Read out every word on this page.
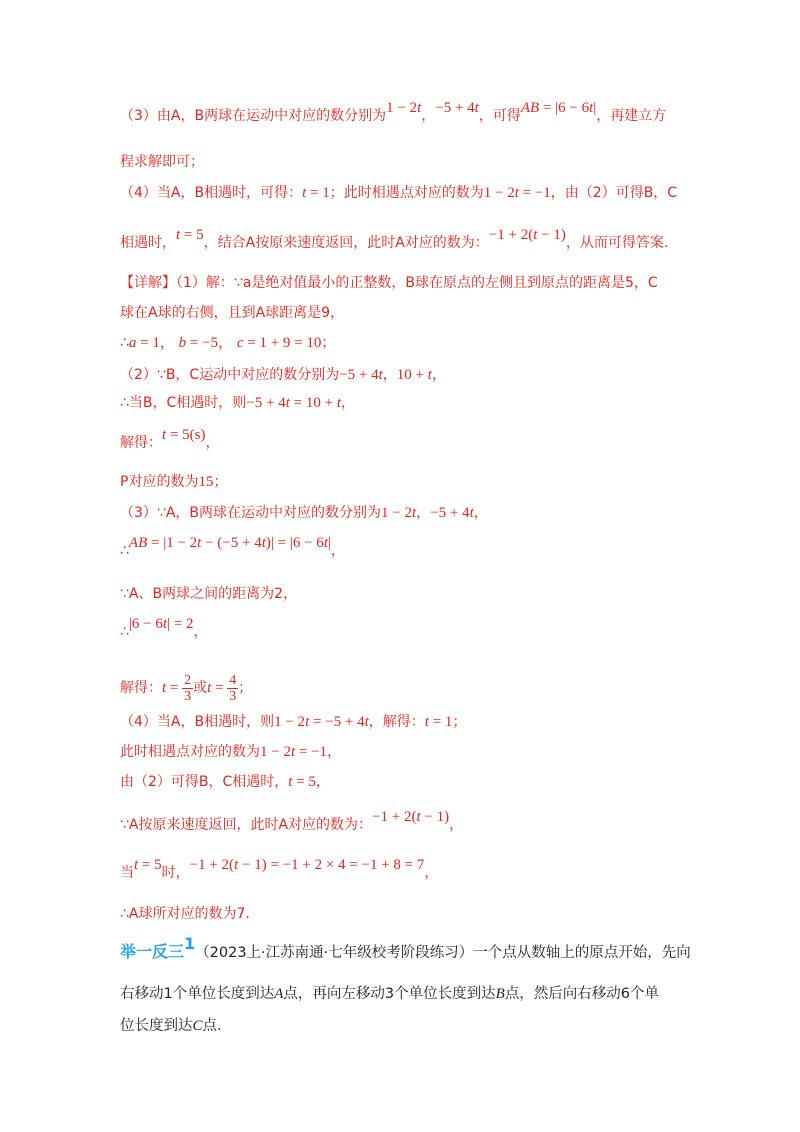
（3）由A，B两球在运动中对应的数分别为1 − 2t，−5 + 4t，可得AB = |6 − 6t|，再建立方
程求解即可；
（4）当A，B相遇时，可得：t = 1；此时相遇点对应的数为1 − 2t = −1，由（2）可得B，C
相遇时，t = 5，结合A按原来速度返回，此时A对应的数为：−1 + 2(t − 1)，从而可得答案.
【详解】（1）解：∵a是绝对值最小的正整数，B球在原点的左侧且到原点的距离是5，C
球在A球的右侧，且到A球距离是9，
∴a = 1， b = −5， c = 1 + 9 = 10；
（2）∵B，C运动中对应的数分别为−5 + 4t，10 + t，
∴当B，C相遇时，则−5 + 4t = 10 + t，
解得：t = 5(s)，
P对应的数为15；
（3）∵A，B两球在运动中对应的数分别为1 − 2t，−5 + 4t，
∴AB = |1 − 2t − (−5 + 4t)| = |6 − 6t|，
∵A、B两球之间的距离为2，
∴|6 − 6t| = 2，
解得：$t = \frac{2}{3}$ 或$t = \frac{4}{3}$ ；
（4）当A，B相遇时，则1 − 2t = −5 + 4t，解得：t = 1；
此时相遇点对应的数为1 − 2t = −1，
由（2）可得B，C相遇时，t = 5，
∵A按原来速度返回，此时A对应的数为：−1 + 2(t − 1)，
当t = 5时，−1 + 2(t − 1) = −1 + 2 × 4 = −1 + 8 = 7，
∴A球所对应的数为7.
举一反三1（2023上·江苏南通·七年级校考阶段练习）一个点从数轴上的原点开始，先向
右移动1个单位长度到达A点，再向左移动3个单位长度到达B点，然后向右移动6个单
位长度到达C点.
